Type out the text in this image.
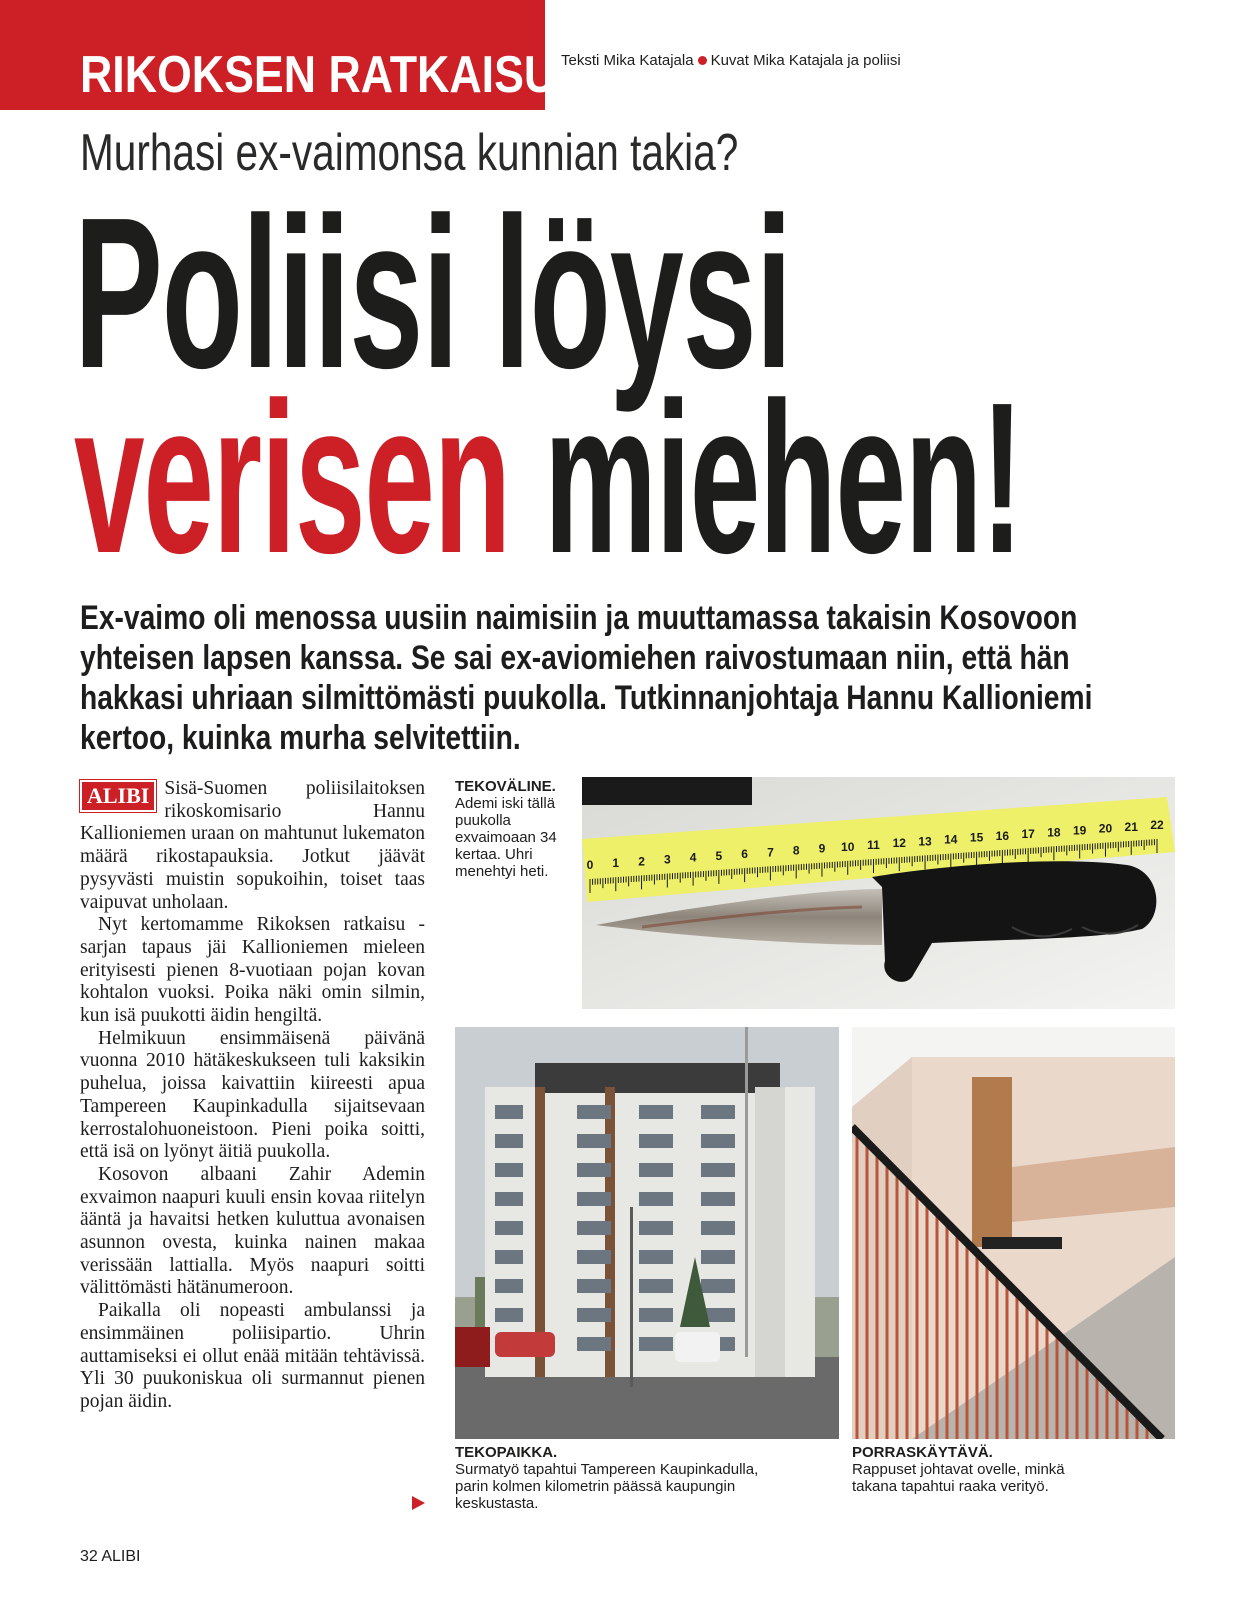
RIKOKSEN RATKAISU Teksti Mika Katajala Kuvat Mika Katajala ja poliisi
Murhasi ex-vaimonsa kunnian takia?
Poliisi löysi
verisen miehen!
Ex-vaimo oli menossa uusiin naimisiin ja muuttamassa takaisin Kosovoon yhteisen lapsen kanssa. Se sai ex-aviomiehen raivostumaan niin, että hän hakkasi uhriaan silmittömästi puukolla. Tutkinnanjohtaja Hannu Kallioniemi kertoo, kuinka murha selvitettiin.

ALIBI Sisä-Suomen poliisilaitoksen rikoskomisario Hannu Kallioniemen uraan on mahtunut lukematon määrä rikostapauksia. Jotkut jäävät pysyvästi muistin sopukoihin, toiset taas vaipuvat unholaan.

Nyt kertomamme Rikoksen ratkaisu -sarjan tapaus jäi Kallioniemen mieleen erityisesti pienen 8-vuotiaan pojan kovan kohtalon vuoksi. Poika näki omin silmin, kun isä puukotti äidin hengiltä.

Helmikuun ensimmäisenä päivänä vuonna 2010 hätäkeskukseen tuli kaksikin puhelua, joissa kaivattiin kiireesti apua Tampereen Kaupinkadulla sijaitsevaan kerrostalohuoneistoon. Pieni poika soitti, että isä on lyönyt äitiä puukolla.

Kosovon albaani Zahir Ademin exvaimon naapuri kuuli ensin kovaa riitelyn ääntä ja havaitsi hetken kuluttua avonaisen asunnon ovesta, kuinka nainen makaa verissään lattialla. Myös naapuri soitti välittömästi hätänumeroon.

Paikalla oli nopeasti ambulanssi ja ensimmäinen poliisipartio. Uhrin auttamiseksi ei ollut enää mitään tehtävissä. Yli 30 puukoniskua oli surmannut pienen pojan äidin.

TEKOVÄLINE.
Ademi iski tällä puukolla exvaimoaan 34 kertaa. Uhri menehtyi heti.	0 1 2 3 4 5 6 7 8 9 10 11 12 13 14 15 16 17 18 19 20 21 22
TEKOPAIKKA.
Surmatyö tapahtui Tampereen Kaupinkadulla, parin kolmen kilometrin päässä kaupungin keskustasta.
PORRASKÄYTÄVÄ.
Rappuset johtavat ovelle, minkä takana tapahtui raaka verityö.
32 ALIBI
